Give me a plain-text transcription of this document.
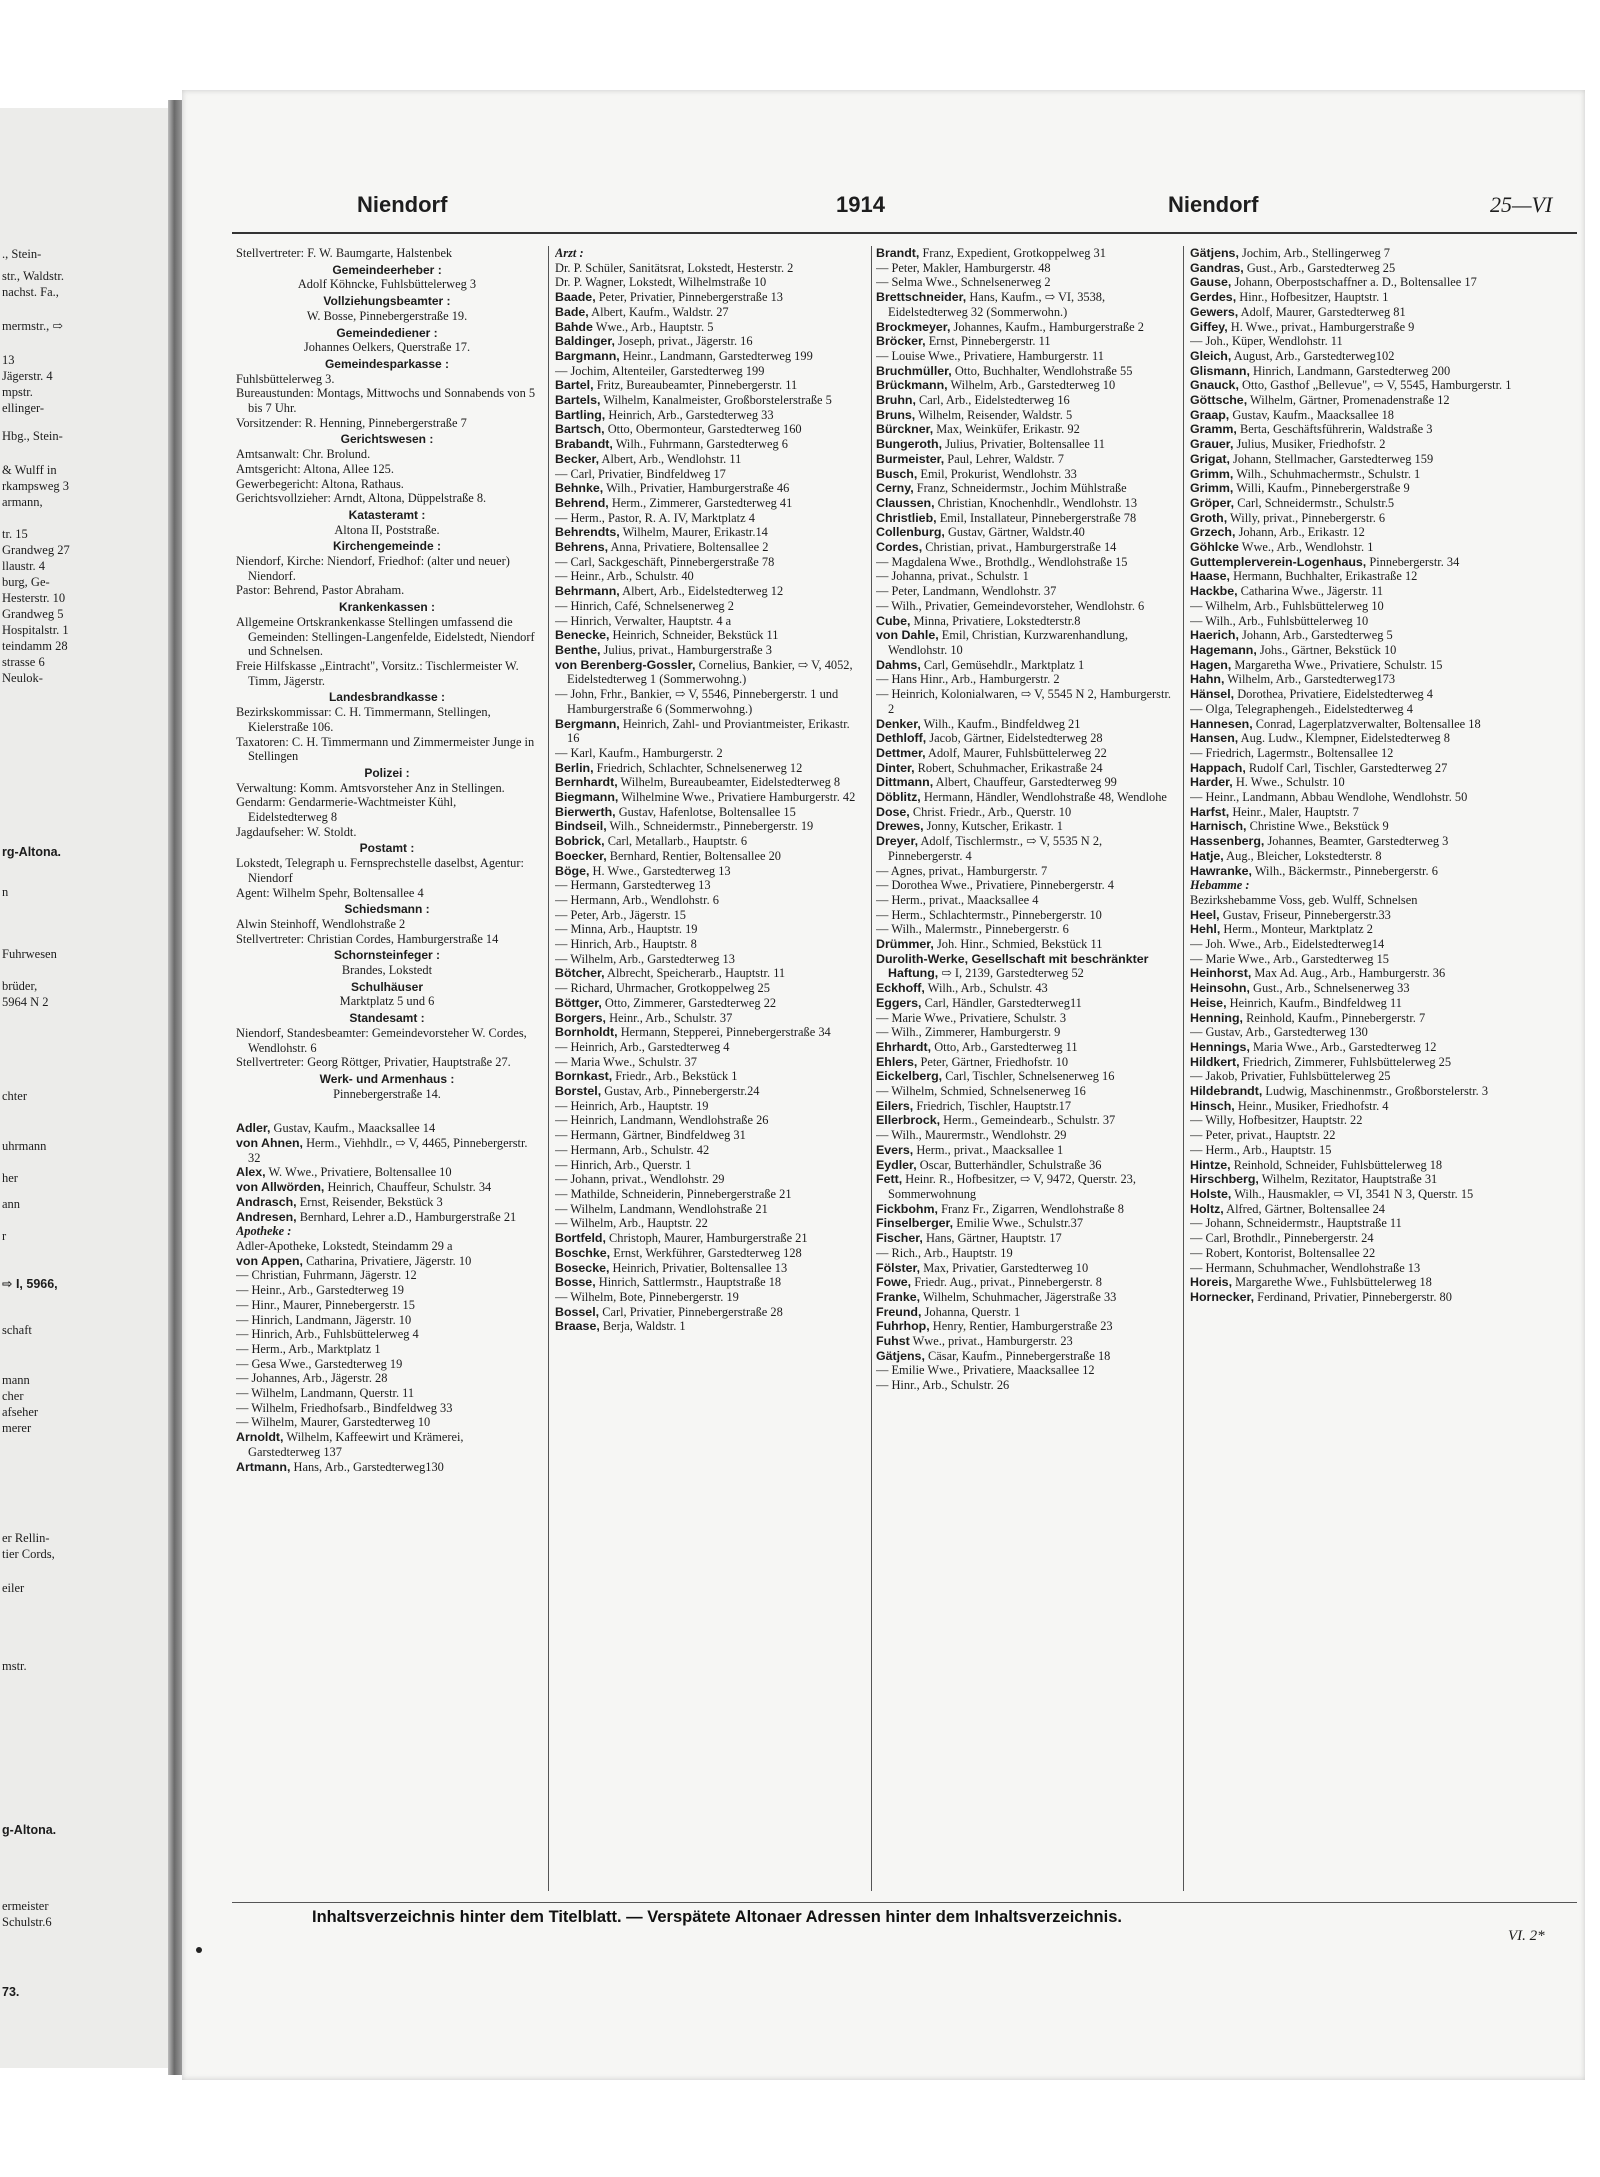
., Stein-
str., Waldstr.
nachst. Fa.,
mermstr., ⇨
13
Jägerstr. 4
mpstr.
ellinger-
Hbg., Stein-
& Wulff in
rkampsweg 3
armann,
tr. 15
Grandweg 27
llaustr. 4
burg, Ge-
Hesterstr. 10
Grandweg 5
Hospitalstr. 1
teindamm 28
strasse 6
Neulok-
rg-Altona.
n
Fuhrwesen
brüder,
5964 N 2
chter
uhrmann
her
ann
r
⇨ I, 5966,
schaft
mann
cher
afseher
merer
er Rellin-
tier Cords,
eiler
mstr.
g-Altona.
ermeister
Schulstr.6
73.
Niendorf	1914	Niendorf	25—VI

Stellvertreter: F. W. Baumgarte, Halstenbek

Gemeindeerheber :

Adolf Köhncke, Fuhlsbüttelerweg 3

Vollziehungsbeamter :

W. Bosse, Pinnebergerstraße 19.

Gemeindediener :

Johannes Oelkers, Querstraße 17.

Gemeindesparkasse :

Fuhlsbüttelerweg 3.

Bureaustunden: Montags, Mittwochs und Sonnabends von 5 bis 7 Uhr.

Vorsitzender: R. Henning, Pinnebergerstraße 7

Gerichtswesen :

Amtsanwalt: Chr. Brolund.

Amtsgericht: Altona, Allee 125.

Gewerbegericht: Altona, Rathaus.

Gerichtsvollzieher: Arndt, Altona, Düppelstraße 8.

Katasteramt :

Altona II, Poststraße.

Kirchengemeinde :

Niendorf, Kirche: Niendorf, Friedhof: (alter und neuer) Niendorf.

Pastor: Behrend, Pastor Abraham.

Krankenkassen :

Allgemeine Ortskrankenkasse Stellingen umfassend die Gemeinden: Stellingen-Langenfelde, Eidelstedt, Niendorf und Schnelsen.

Freie Hilfskasse „Eintracht", Vorsitz.: Tischlermeister W. Timm, Jägerstr.

Landesbrandkasse :

Bezirkskommissar: C. H. Timmermann, Stellingen, Kielerstraße 106.

Taxatoren: C. H. Timmermann und Zimmermeister Junge in Stellingen

Polizei :

Verwaltung: Komm. Amtsvorsteher Anz in Stellingen.

Gendarm: Gendarmerie-Wachtmeister Kühl, Eidelstedterweg 8

Jagdaufseher: W. Stoldt.

Postamt :

Lokstedt, Telegraph u. Fernsprechstelle daselbst, Agentur: Niendorf

Agent: Wilhelm Spehr, Boltensallee 4

Schiedsmann :

Alwin Steinhoff, Wendlohstraße 2

Stellvertreter: Christian Cordes, Hamburgerstraße 14

Schornsteinfeger :

Brandes, Lokstedt

Schulhäuser

Marktplatz 5 und 6

Standesamt :

Niendorf, Standesbeamter: Gemeindevorsteher W. Cordes, Wendlohstr. 6

Stellvertreter: Georg Röttger, Privatier, Hauptstraße 27.

Werk- und Armenhaus :

Pinnebergerstraße 14.

Adler, Gustav, Kaufm., Maacksallee 14

von Ahnen, Herm., Viehhdlr., ⇨ V, 4465, Pinnebergerstr. 32

Alex, W. Wwe., Privatiere, Boltensallee 10

von Allwörden, Heinrich, Chauffeur, Schulstr. 34

Andrasch, Ernst, Reisender, Bekstück 3

Andresen, Bernhard, Lehrer a.D., Hamburgerstraße 21

Apotheke :

Adler-Apotheke, Lokstedt, Steindamm 29 a

von Appen, Catharina, Privatiere, Jägerstr. 10

— Christian, Fuhrmann, Jägerstr. 12

— Heinr., Arb., Garstedterweg 19

— Hinr., Maurer, Pinnebergerstr. 15

— Hinrich, Landmann, Jägerstr. 10

— Hinrich, Arb., Fuhlsbüttelerweg 4

— Herm., Arb., Marktplatz 1

— Gesa Wwe., Garstedterweg 19

— Johannes, Arb., Jägerstr. 28

— Wilhelm, Landmann, Querstr. 11

— Wilhelm, Friedhofsarb., Bindfeldweg 33

— Wilhelm, Maurer, Garstedterweg 10

Arnoldt, Wilhelm, Kaffeewirt und Krämerei, Garstedterweg 137

Artmann, Hans, Arb., Garstedterweg130

Arzt :

Dr. P. Schüler, Sanitätsrat, Lokstedt, Hesterstr. 2

Dr. P. Wagner, Lokstedt, Wilhelmstraße 10

Baade, Peter, Privatier, Pinnebergerstraße 13

Bade, Albert, Kaufm., Waldstr. 27

Bahde Wwe., Arb., Hauptstr. 5

Baldinger, Joseph, privat., Jägerstr. 16

Bargmann, Heinr., Landmann, Garstedterweg 199

— Jochim, Altenteiler, Garstedterweg 199

Bartel, Fritz, Bureaubeamter, Pinnebergerstr. 11

Bartels, Wilhelm, Kanalmeister, Großborstelerstraße 5

Bartling, Heinrich, Arb., Garstedterweg 33

Bartsch, Otto, Obermonteur, Garstedterweg 160

Brabandt, Wilh., Fuhrmann, Garstedterweg 6

Becker, Albert, Arb., Wendlohstr. 11

— Carl, Privatier, Bindfeldweg 17

Behnke, Wilh., Privatier, Hamburgerstraße 46

Behrend, Herm., Zimmerer, Garstedterweg 41

— Herm., Pastor, R. A. IV, Marktplatz 4

Behrendts, Wilhelm, Maurer, Erikastr.14

Behrens, Anna, Privatiere, Boltensallee 2

— Carl, Sackgeschäft, Pinnebergerstraße 78

— Heinr., Arb., Schulstr. 40

Behrmann, Albert, Arb., Eidelstedterweg 12

— Hinrich, Café, Schnelsenerweg 2

— Hinrich, Verwalter, Hauptstr. 4 a

Benecke, Heinrich, Schneider, Bekstück 11

Benthe, Julius, privat., Hamburgerstraße 3

von Berenberg-Gossler, Cornelius, Bankier, ⇨ V, 4052, Eidelstedterweg 1 (Sommerwohng.)

— John, Frhr., Bankier, ⇨ V, 5546, Pinnebergerstr. 1 und Hamburgerstraße 6 (Sommerwohng.)

Bergmann, Heinrich, Zahl- und Proviantmeister, Erikastr. 16

— Karl, Kaufm., Hamburgerstr. 2

Berlin, Friedrich, Schlachter, Schnelsenerweg 12

Bernhardt, Wilhelm, Bureaubeamter, Eidelstedterweg 8

Biegmann, Wilhelmine Wwe., Privatiere Hamburgerstr. 42

Bierwerth, Gustav, Hafenlotse, Boltensallee 15

Bindseil, Wilh., Schneidermstr., Pinnebergerstr. 19

Bobrick, Carl, Metallarb., Hauptstr. 6

Boecker, Bernhard, Rentier, Boltensallee 20

Böge, H. Wwe., Garstedterweg 13

— Hermann, Garstedterweg 13

— Hermann, Arb., Wendlohstr. 6

— Peter, Arb., Jägerstr. 15

— Minna, Arb., Hauptstr. 19

— Hinrich, Arb., Hauptstr. 8

— Wilhelm, Arb., Garstedterweg 13

Bötcher, Albrecht, Speicherarb., Hauptstr. 11

— Richard, Uhrmacher, Grotkoppelweg 25

Böttger, Otto, Zimmerer, Garstedterweg 22

Borgers, Heinr., Arb., Schulstr. 37

Bornholdt, Hermann, Stepperei, Pinnebergerstraße 34

— Heinrich, Arb., Garstedterweg 4

— Maria Wwe., Schulstr. 37

Bornkast, Friedr., Arb., Bekstück 1

Borstel, Gustav, Arb., Pinnebergerstr.24

— Heinrich, Arb., Hauptstr. 19

— Heinrich, Landmann, Wendlohstraße 26

— Hermann, Gärtner, Bindfeldweg 31

— Hermann, Arb., Schulstr. 42

— Hinrich, Arb., Querstr. 1

— Johann, privat., Wendlohstr. 29

— Mathilde, Schneiderin, Pinnebergerstraße 21

— Wilhelm, Landmann, Wendlohstraße 21

— Wilhelm, Arb., Hauptstr. 22

Bortfeld, Christoph, Maurer, Hamburgerstraße 21

Boschke, Ernst, Werkführer, Garstedterweg 128

Bosecke, Heinrich, Privatier, Boltensallee 13

Bosse, Hinrich, Sattlermstr., Hauptstraße 18

— Wilhelm, Bote, Pinnebergerstr. 19

Bossel, Carl, Privatier, Pinnebergerstraße 28

Braase, Berja, Waldstr. 1

Brandt, Franz, Expedient, Grotkoppelweg 31

— Peter, Makler, Hamburgerstr. 48

— Selma Wwe., Schnelsenerweg 2

Brettschneider, Hans, Kaufm., ⇨ VI, 3538, Eidelstedterweg 32 (Sommerwohn.)

Brockmeyer, Johannes, Kaufm., Hamburgerstraße 2

Bröcker, Ernst, Pinnebergerstr. 11

— Louise Wwe., Privatiere, Hamburgerstr. 11

Bruchmüller, Otto, Buchhalter, Wendlohstraße 55

Brückmann, Wilhelm, Arb., Garstedterweg 10

Bruhn, Carl, Arb., Eidelstedterweg 16

Bruns, Wilhelm, Reisender, Waldstr. 5

Bürckner, Max, Weinküfer, Erikastr. 92

Bungeroth, Julius, Privatier, Boltensallee 11

Burmeister, Paul, Lehrer, Waldstr. 7

Busch, Emil, Prokurist, Wendlohstr. 33

Cerny, Franz, Schneidermstr., Jochim Mühlstraße

Claussen, Christian, Knochenhdlr., Wendlohstr. 13

Christlieb, Emil, Installateur, Pinnebergerstraße 78

Collenburg, Gustav, Gärtner, Waldstr.40

Cordes, Christian, privat., Hamburgerstraße 14

— Magdalena Wwe., Brothdlg., Wendlohstraße 15

— Johanna, privat., Schulstr. 1

— Peter, Landmann, Wendlohstr. 37

— Wilh., Privatier, Gemeindevorsteher, Wendlohstr. 6

Cube, Minna, Privatiere, Lokstedterstr.8

von Dahle, Emil, Christian, Kurzwarenhandlung, Wendlohstr. 10

Dahms, Carl, Gemüsehdlr., Marktplatz 1

— Hans Hinr., Arb., Hamburgerstr. 2

— Heinrich, Kolonialwaren, ⇨ V, 5545 N 2, Hamburgerstr. 2

Denker, Wilh., Kaufm., Bindfeldweg 21

Dethloff, Jacob, Gärtner, Eidelstedterweg 28

Dettmer, Adolf, Maurer, Fuhlsbüttelerweg 22

Dinter, Robert, Schuhmacher, Erikastraße 24

Dittmann, Albert, Chauffeur, Garstedterweg 99

Döblitz, Hermann, Händler, Wendlohstraße 48, Wendlohe

Dose, Christ. Friedr., Arb., Querstr. 10

Drewes, Jonny, Kutscher, Erikastr. 1

Dreyer, Adolf, Tischlermstr., ⇨ V, 5535 N 2, Pinnebergerstr. 4

— Agnes, privat., Hamburgerstr. 7

— Dorothea Wwe., Privatiere, Pinnebergerstr. 4

— Herm., privat., Maacksallee 4

— Herm., Schlachtermstr., Pinnebergerstr. 10

— Wilh., Malermstr., Pinnebergerstr. 6

Drümmer, Joh. Hinr., Schmied, Bekstück 11

Durolith-Werke, Gesellschaft mit beschränkter Haftung, ⇨ I, 2139, Garstedterweg 52

Eckhoff, Wilh., Arb., Schulstr. 43

Eggers, Carl, Händler, Garstedterweg11

— Marie Wwe., Privatiere, Schulstr. 3

— Wilh., Zimmerer, Hamburgerstr. 9

Ehrhardt, Otto, Arb., Garstedterweg 11

Ehlers, Peter, Gärtner, Friedhofstr. 10

Eickelberg, Carl, Tischler, Schnelsenerweg 16

— Wilhelm, Schmied, Schnelsenerweg 16

Eilers, Friedrich, Tischler, Hauptstr.17

Ellerbrock, Herm., Gemeindearb., Schulstr. 37

— Wilh., Maurermstr., Wendlohstr. 29

Evers, Herm., privat., Maacksallee 1

Eydler, Oscar, Butterhändler, Schulstraße 36

Fett, Heinr. R., Hofbesitzer, ⇨ V, 9472, Querstr. 23, Sommerwohnung

Fickbohm, Franz Fr., Zigarren, Wendlohstraße 8

Finselberger, Emilie Wwe., Schulstr.37

Fischer, Hans, Gärtner, Hauptstr. 17

— Rich., Arb., Hauptstr. 19

Fölster, Max, Privatier, Garstedterweg 10

Fowe, Friedr. Aug., privat., Pinnebergerstr. 8

Franke, Wilhelm, Schuhmacher, Jägerstraße 33

Freund, Johanna, Querstr. 1

Fuhrhop, Henry, Rentier, Hamburgerstraße 23

Fuhst Wwe., privat., Hamburgerstr. 23

Gätjens, Cäsar, Kaufm., Pinnebergerstraße 18

— Emilie Wwe., Privatiere, Maacksallee 12

— Hinr., Arb., Schulstr. 26

Gätjens, Jochim, Arb., Stellingerweg 7

Gandras, Gust., Arb., Garstedterweg 25

Gause, Johann, Oberpostschaffner a. D., Boltensallee 17

Gerdes, Hinr., Hofbesitzer, Hauptstr. 1

Gewers, Adolf, Maurer, Garstedterweg 81

Giffey, H. Wwe., privat., Hamburgerstraße 9

— Joh., Küper, Wendlohstr. 11

Gleich, August, Arb., Garstedterweg102

Glismann, Hinrich, Landmann, Garstedterweg 200

Gnauck, Otto, Gasthof „Bellevue", ⇨ V, 5545, Hamburgerstr. 1

Göttsche, Wilhelm, Gärtner, Promenadenstraße 12

Graap, Gustav, Kaufm., Maacksallee 18

Gramm, Berta, Geschäftsführerin, Waldstraße 3

Grauer, Julius, Musiker, Friedhofstr. 2

Grigat, Johann, Stellmacher, Garstedterweg 159

Grimm, Wilh., Schuhmachermstr., Schulstr. 1

Grimm, Willi, Kaufm., Pinnebergerstraße 9

Gröper, Carl, Schneidermstr., Schulstr.5

Groth, Willy, privat., Pinnebergerstr. 6

Grzech, Johann, Arb., Erikastr. 12

Göhlcke Wwe., Arb., Wendlohstr. 1

Guttemplerverein-Logenhaus, Pinnebergerstr. 34

Haase, Hermann, Buchhalter, Erikastraße 12

Hackbe, Catharina Wwe., Jägerstr. 11

— Wilhelm, Arb., Fuhlsbüttelerweg 10

— Wilh., Arb., Fuhlsbüttelerweg 10

Haerich, Johann, Arb., Garstedterweg 5

Hagemann, Johs., Gärtner, Bekstück 10

Hagen, Margaretha Wwe., Privatiere, Schulstr. 15

Hahn, Wilhelm, Arb., Garstedterweg173

Hänsel, Dorothea, Privatiere, Eidelstedterweg 4

— Olga, Telegraphengeh., Eidelstedterweg 4

Hannesen, Conrad, Lagerplatzverwalter, Boltensallee 18

Hansen, Aug. Ludw., Klempner, Eidelstedterweg 8

— Friedrich, Lagermstr., Boltensallee 12

Happach, Rudolf Carl, Tischler, Garstedterweg 27

Harder, H. Wwe., Schulstr. 10

— Heinr., Landmann, Abbau Wendlohe, Wendlohstr. 50

Harfst, Heinr., Maler, Hauptstr. 7

Harnisch, Christine Wwe., Bekstück 9

Hassenberg, Johannes, Beamter, Garstedterweg 3

Hatje, Aug., Bleicher, Lokstedterstr. 8

Hawranke, Wilh., Bäckermstr., Pinnebergerstr. 6

Hebamme :

Bezirkshebamme Voss, geb. Wulff, Schnelsen

Heel, Gustav, Friseur, Pinnebergerstr.33

Hehl, Herm., Monteur, Marktplatz 2

— Joh. Wwe., Arb., Eidelstedterweg14

— Marie Wwe., Arb., Garstedterweg 15

Heinhorst, Max Ad. Aug., Arb., Hamburgerstr. 36

Heinsohn, Gust., Arb., Schnelsenerweg 33

Heise, Heinrich, Kaufm., Bindfeldweg 11

Henning, Reinhold, Kaufm., Pinnebergerstr. 7

— Gustav, Arb., Garstedterweg 130

Hennings, Maria Wwe., Arb., Garstedterweg 12

Hildkert, Friedrich, Zimmerer, Fuhlsbüttelerweg 25

— Jakob, Privatier, Fuhlsbüttelerweg 25

Hildebrandt, Ludwig, Maschinenmstr., Großborstelerstr. 3

Hinsch, Heinr., Musiker, Friedhofstr. 4

— Willy, Hofbesitzer, Hauptstr. 22

— Peter, privat., Hauptstr. 22

— Herm., Arb., Hauptstr. 15

Hintze, Reinhold, Schneider, Fuhlsbüttelerweg 18

Hirschberg, Wilhelm, Rezitator, Hauptstraße 31

Holste, Wilh., Hausmakler, ⇨ VI, 3541 N 3, Querstr. 15

Holtz, Alfred, Gärtner, Boltensallee 24

— Johann, Schneidermstr., Hauptstraße 11

— Carl, Brothdlr., Pinnebergerstr. 24

— Robert, Kontorist, Boltensallee 22

— Hermann, Schuhmacher, Wendlohstraße 13

Horeis, Margarethe Wwe., Fuhlsbüttelerweg 18

Hornecker, Ferdinand, Privatier, Pinnebergerstr. 80

Inhaltsverzeichnis hinter dem Titelblatt. — Verspätete Altonaer Adressen hinter dem Inhaltsverzeichnis.
VI. 2*
